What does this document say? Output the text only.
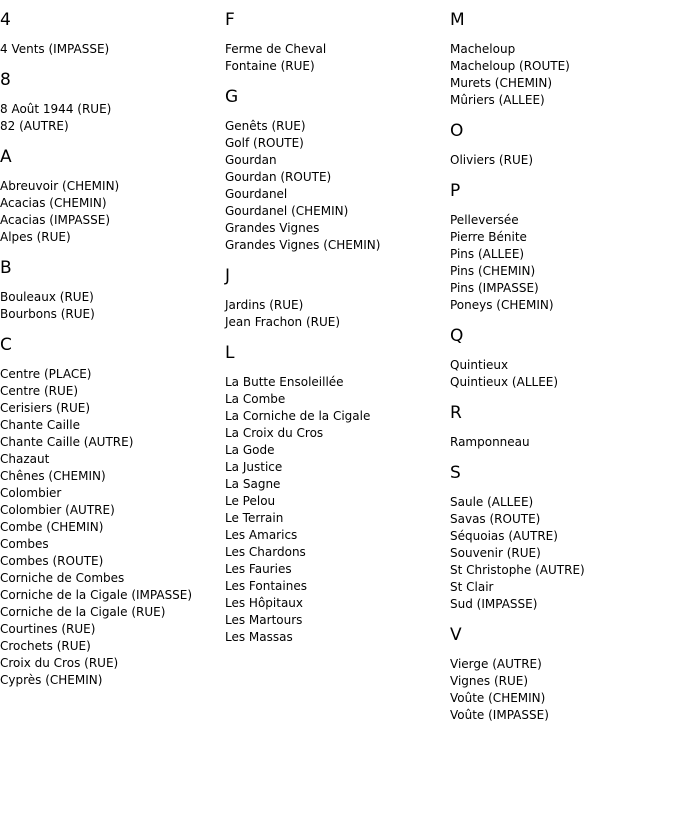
4
4 Vents (IMPASSE)
8
8 Août 1944 (RUE)
82 (AUTRE)
A
Abreuvoir (CHEMIN)
Acacias (CHEMIN)
Acacias (IMPASSE)
Alpes (RUE)
B
Bouleaux (RUE)
Bourbons (RUE)
C
Centre (PLACE)
Centre (RUE)
Cerisiers (RUE)
Chante Caille
Chante Caille (AUTRE)
Chazaut
Chênes (CHEMIN)
Colombier
Colombier (AUTRE)
Combe (CHEMIN)
Combes
Combes (ROUTE)
Corniche de Combes
Corniche de la Cigale (IMPASSE)
Corniche de la Cigale (RUE)
Courtines (RUE)
Crochets (RUE)
Croix du Cros (RUE)
Cyprès (CHEMIN)
F
Ferme de Cheval
Fontaine (RUE)
G
Genêts (RUE)
Golf (ROUTE)
Gourdan
Gourdan (ROUTE)
Gourdanel
Gourdanel (CHEMIN)
Grandes Vignes
Grandes Vignes (CHEMIN)
J
Jardins (RUE)
Jean Frachon (RUE)
L
La Butte Ensoleillée
La Combe
La Corniche de la Cigale
La Croix du Cros
La Gode
La Justice
La Sagne
Le Pelou
Le Terrain
Les Amarics
Les Chardons
Les Fauries
Les Fontaines
Les Hôpitaux
Les Martours
Les Massas
M
Macheloup
Macheloup (ROUTE)
Murets (CHEMIN)
Mûriers (ALLEE)
O
Oliviers (RUE)
P
Pelleversée
Pierre Bénite
Pins (ALLEE)
Pins (CHEMIN)
Pins (IMPASSE)
Poneys (CHEMIN)
Q
Quintieux
Quintieux (ALLEE)
R
Ramponneau
S
Saule (ALLEE)
Savas (ROUTE)
Séquoias (AUTRE)
Souvenir (RUE)
St Christophe (AUTRE)
St Clair
Sud (IMPASSE)
V
Vierge (AUTRE)
Vignes (RUE)
Voûte (CHEMIN)
Voûte (IMPASSE)
